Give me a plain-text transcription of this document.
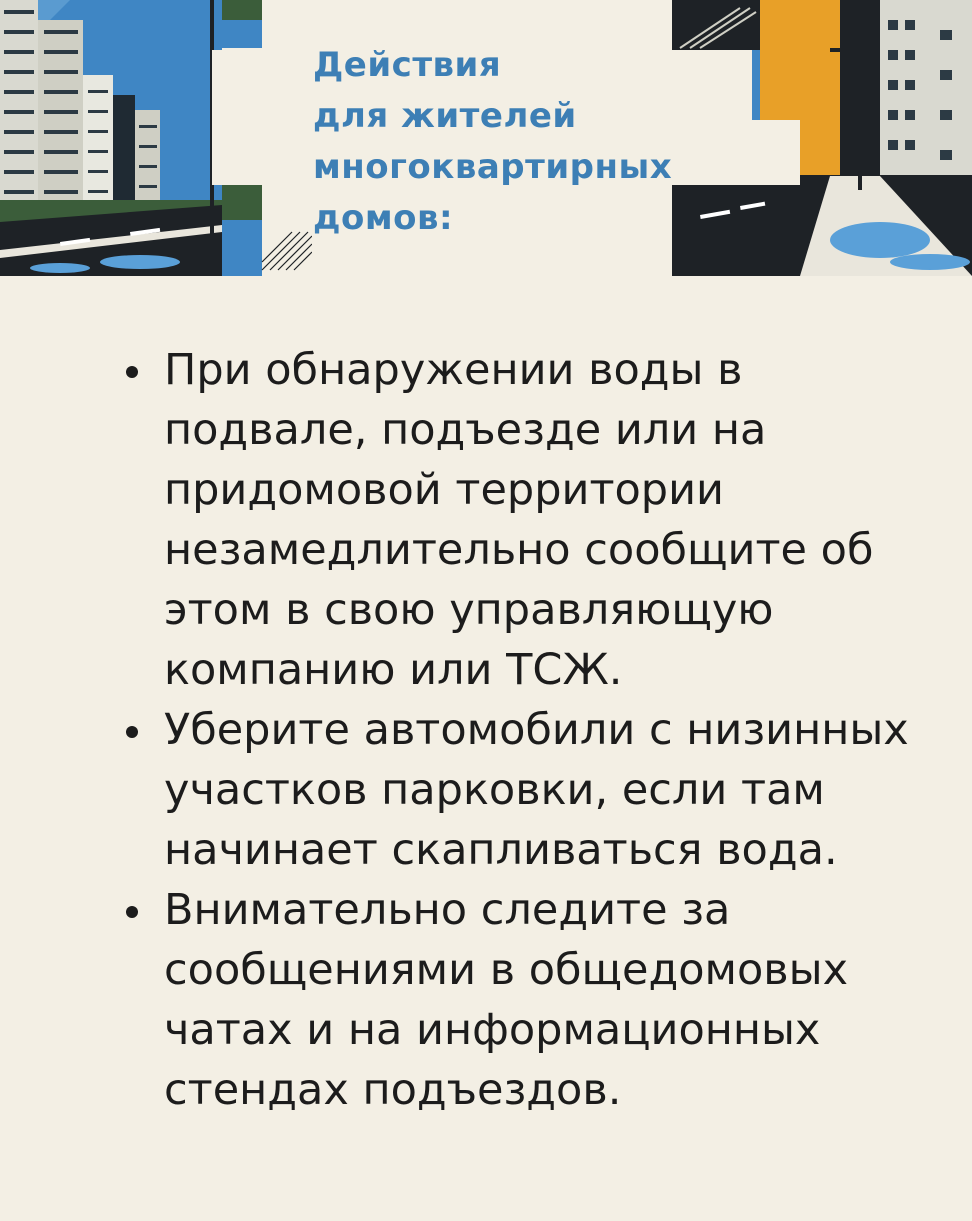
Действия
для жителей
многоквартирных
домов:
При обнаружении воды в подвале, подъезде или на придомовой территории незамедлительно сообщите об этом в свою управляющую компанию или ТСЖ.
Уберите автомобили с низинных участков парковки, если там начинает скапливаться вода.
Внимательно следите за сообщениями в общедомовых чатах и на информационных стендах подъездов.
